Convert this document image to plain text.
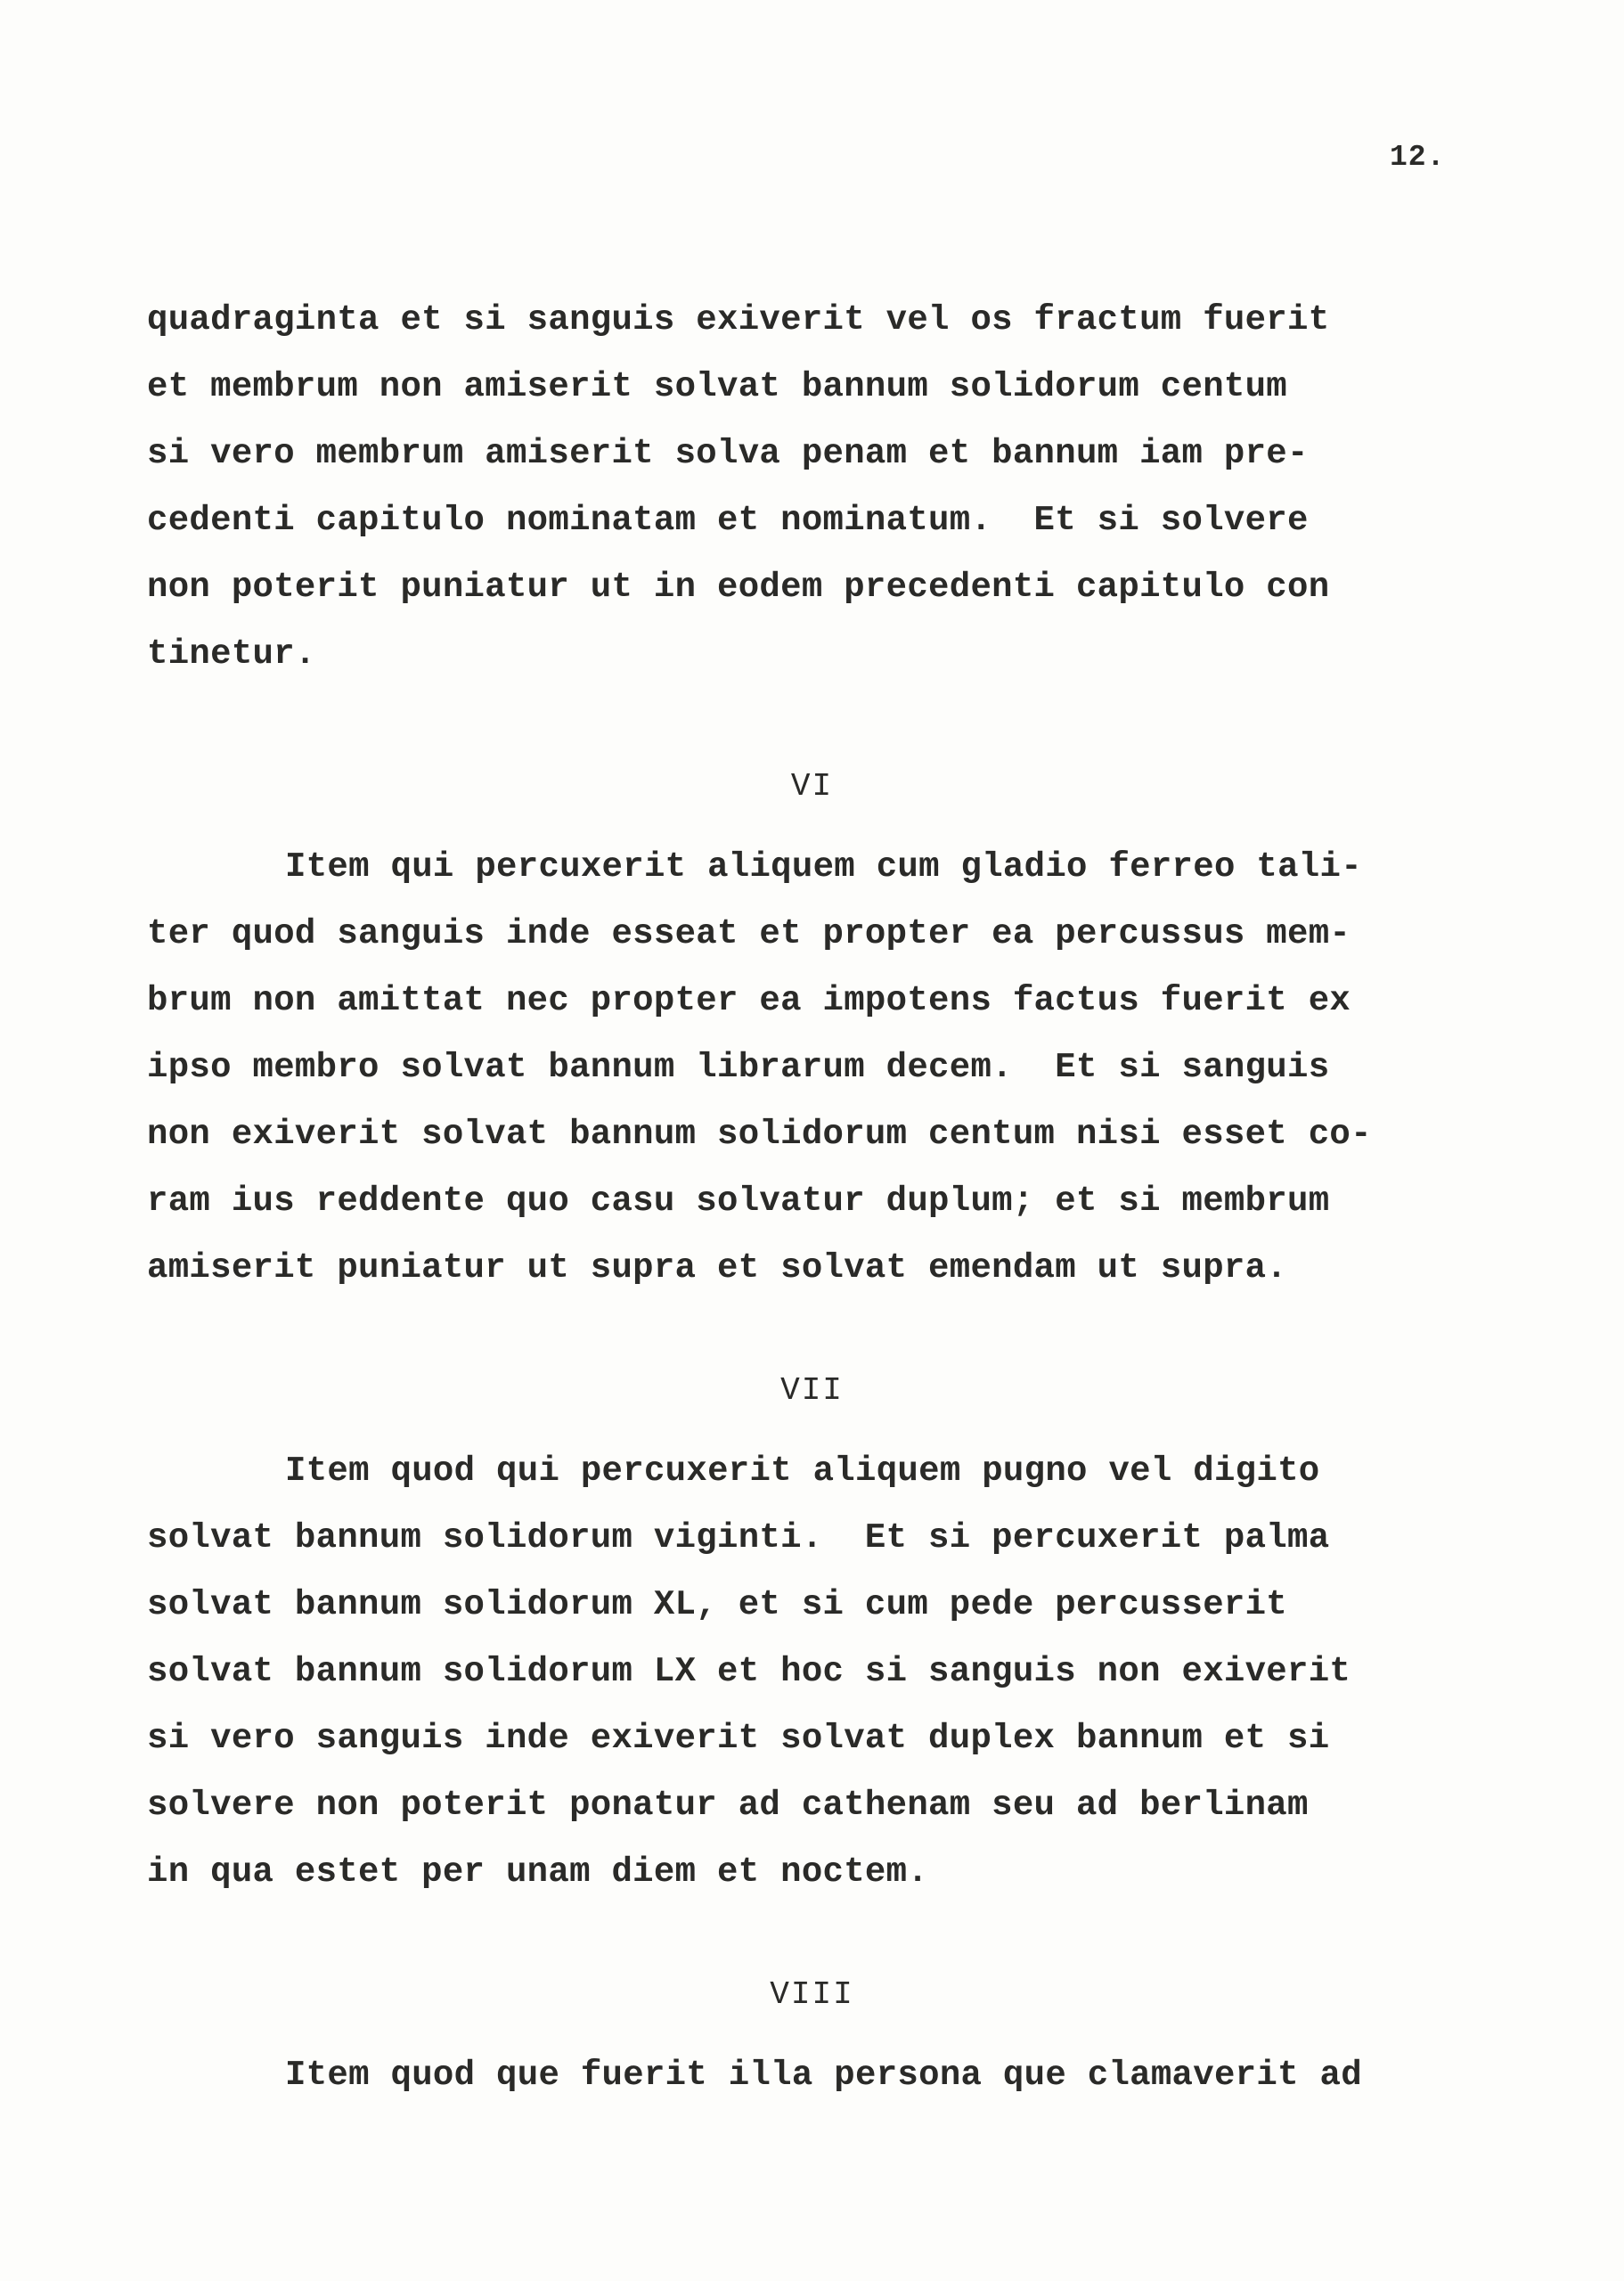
12.
quadraginta et si sanguis exiverit vel os fractum fuerit
et membrum non amiserit solvat bannum solidorum centum
si vero membrum amiserit solva penam et bannum iam pre-
cedenti capitulo nominatam et nominatum.  Et si solvere
non poterit puniatur ut in eodem precedenti capitulo con
tinetur.
VI
Item qui percuxerit aliquem cum gladio ferreo tali-
ter quod sanguis inde esseat et propter ea percussus mem-
brum non amittat nec propter ea impotens factus fuerit ex
ipso membro solvat bannum librarum decem.  Et si sanguis
non exiverit solvat bannum solidorum centum nisi esset co-
ram ius reddente quo casu solvatur duplum; et si membrum
amiserit puniatur ut supra et solvat emendam ut supra.
VII
Item quod qui percuxerit aliquem pugno vel digito
solvat bannum solidorum viginti.  Et si percuxerit palma
solvat bannum solidorum XL, et si cum pede percusserit
solvat bannum solidorum LX et hoc si sanguis non exiverit
si vero sanguis inde exiverit solvat duplex bannum et si
solvere non poterit ponatur ad cathenam seu ad berlinam
in qua estet per unam diem et noctem.
VIII
Item quod que fuerit illa persona que clamaverit ad
